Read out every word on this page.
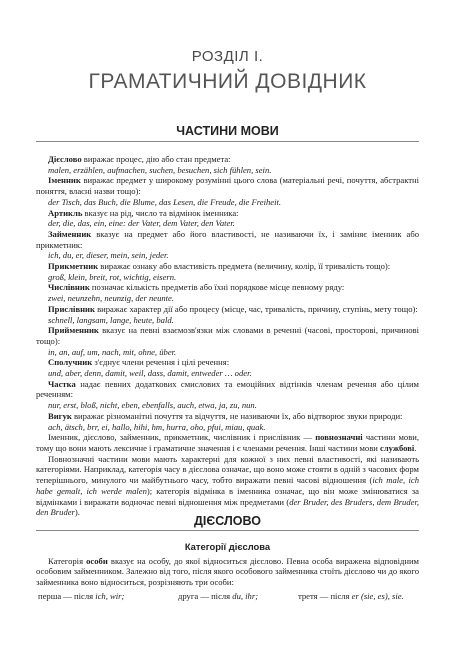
РОЗДІЛ І.
ГРАМАТИЧНИЙ ДОВІДНИК
ЧАСТИНИ МОВИ

Дієслово виражає процес, дію або стан предмета:

malen, erzählen, aufmachen, suchen, besuchen, sich fühlen, sein.

Іменник виражає предмет у широкому розумінні цього слова (матеріальні речі, почуття, абстрактні поняття, власні назви тощо):

der Tisch, das Buch, die Blume, das Lesen, die Freude, die Freiheit.

Артикль вказує на рід, число та відмінок іменника:

der, die, das, ein, eine: der Vater, dem Vater, den Vater.

Займенник вказує на предмет або його властивості, не називаючи їх, і заміняє іменник або прикметник:

ich, du, er, dieser, mein, sein, jeder.

Прикметник виражає ознаку або властивість предмета (величину, колір, її тривалість тощо):

groß, klein, breit, rot, wichtig, eisern.

Числівник позначає кількість предметів або їхні порядкове місце певному ряду:

zwei, neunzehn, neunzig, der neunte.

Прислівник виражає характер дії або процесу (місце, час, тривалість, причину, ступінь, мету тощо):

schnell, langsam, lange, heute, bald.

Прийменник вказує на певні взаємозв'язки між словами в реченні (часові, просторові, причинові тощо):

in, an, auf, um, nach, mit, ohne, über.

Сполучник з'єднує члени речення і цілі речення:

und, aber, denn, damit, weil, dass, damit, entweder … oder.

Частка надає певних додаткових смислових та емоційних відтінків членам речення або цілим реченням:

nur, erst, bloß, nicht, eben, ebenfalls, auch, etwa, ja, zu, nun.

Вигук виражає різноманітні почуття та відчуття, не називаючи їх, або відтворює звуки природи:

ach, ätsch, brr, ei, hallo, hihi, hm, hurra, oho, pfui, miau, quak.

Іменник, дієслово, займенник, прикметник, числівник і прислівник — повнозначні частини мови, тому що вони мають лексичне і граматичне значення і є членами речення. Інші частини мови службові.

Повнозначні частини мови мають характерні для кожної з них певні властивості, які називають категоріями. Наприклад, категорія часу в дієслова означає, що воно може стояти в одній з часових форм теперішнього, минулого чи майбутнього часу, тобто виражати певні часові відношення (ich male, ich habe gemalt, ich werde malen); категорія відмінка в іменника означає, що він може змінюватися за відмінками і виражати водночас певні відношення між предметами (der Bruder, des Bruders, dem Bruder, den Bruder).

ДІЄСЛОВО
Категорії дієслова

Категорія особи вказує на особу, до якої відноситься дієслово. Певна особа виражена відповідним особовим займенником. Залежно від того, після якого особового займенника стоїть дієслово чи до якого займенника воно відноситься, розрізняють три особи:

перша — після ich, wir;	друга — після du, ihr;	третя — після er (sie, es), sie.
